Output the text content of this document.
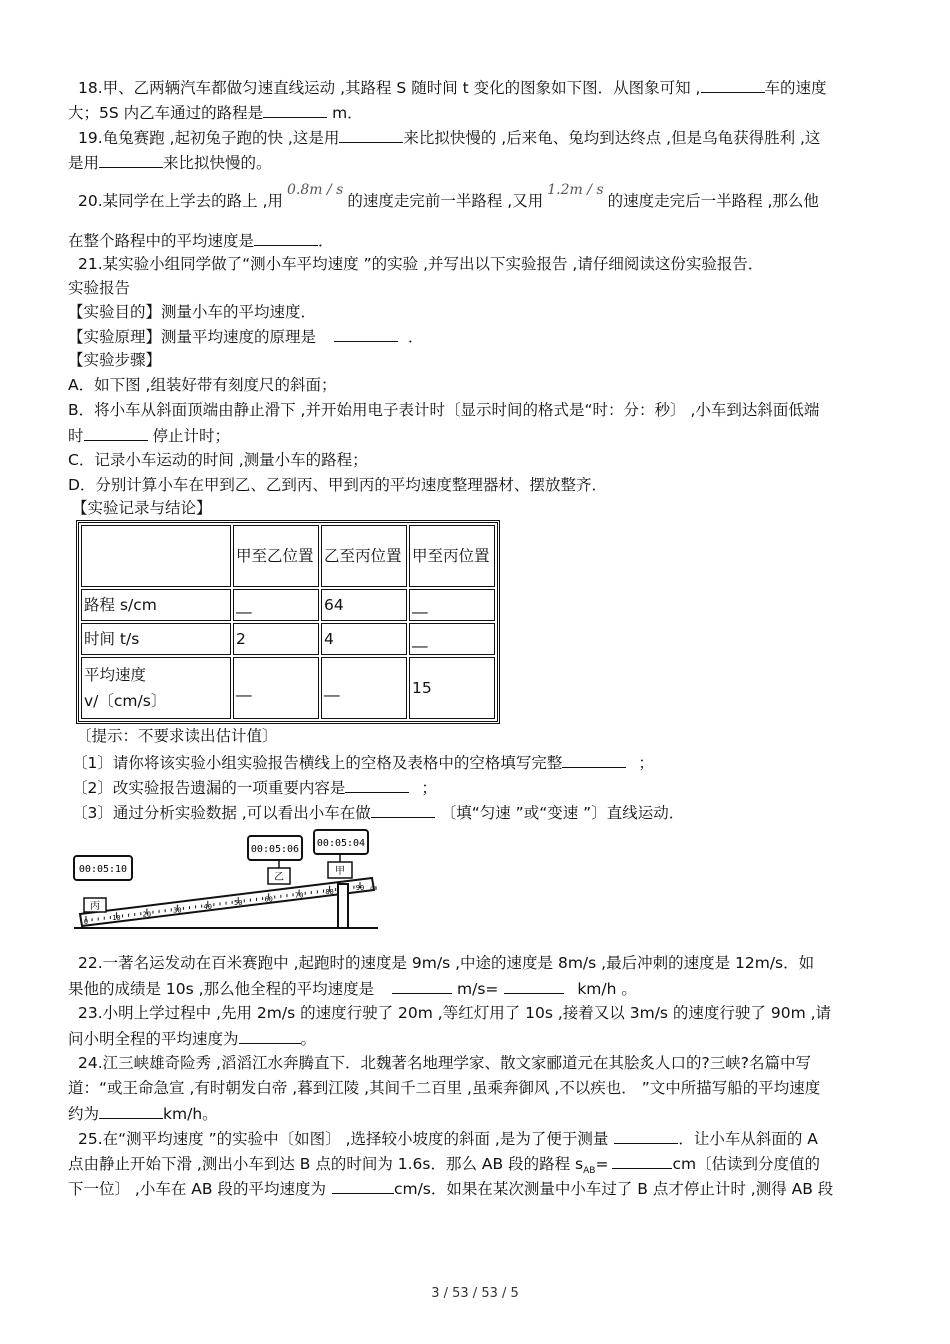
18.甲、乙两辆汽车都做匀速直线运动 ,其路程 S 随时间 t 变化的图象如下图．从图象可知 ,	车的速度
大；5S 内乙车通过的路程是	m．
19.龟兔赛跑 ,起初兔子跑的快 ,这是用	来比拟快慢的 ,后来龟、兔均到达终点 ,但是乌龟获得胜利 ,这
是用	来比拟快慢的。
20.某同学在上学去的路上 ,用0.8m / s的速度走完前一半路程 ,又用1.2m / s的速度走完后一半路程 ,那么他
在整个路程中的平均速度是	．
21.某实验小组同学做了“测小车平均速度 ”的实验 ,并写出以下实验报告 ,请仔细阅读这份实验报告．
实验报告
【实验目的】测量小车的平均速度．
【实验原理】测量平均速度的原理是	．
【实验步骤】
A．如下图 ,组装好带有刻度尺的斜面；
B．将小车从斜面顶端由静止滑下 ,并开始用电子表计时〔显示时间的格式是“时：分：秒〕 ,小车到达斜面低端
时	停止计时；
C．记录小车运动的时间 ,测量小车的路程；
D．分别计算小车在甲到乙、乙到丙、甲到丙的平均速度整理器材、摆放整齐．
【实验记录与结论】
	甲至乙位置	乙至丙位置	甲至丙位置
路程 s/cm	__	64	__
时间 t/s	2	4	__

平均速度
v/〔cm/s〕	__	__	15
〔提示：不要求读出估计值〕
〔1〕请你将该实验小组实验报告横线上的空格及表格中的空格填写完整	；
〔2〕改实验报告遗漏的一项重要内容是	；
〔3〕通过分析实验数据 ,可以看出小车在做	〔填“匀速 ”或“变速 ”〕直线运动．
0	10	20	30	40	50	60	70	80	90 cm
00:05:10
00:05:06
00:05:04
丙
乙
甲
22.一著名运发动在百米赛跑中 ,起跑时的速度是 9m/s ,中途的速度是 8m/s ,最后冲刺的速度是 12m/s．如
果他的成绩是 10s ,那么他全程的平均速度是	m/s=	km/h 。
23.小明上学过程中 ,先用 2m/s 的速度行驶了 20m ,等红灯用了 10s ,接着又以 3m/s 的速度行驶了 90m ,请
问小明全程的平均速度为	。
24.江三峡雄奇险秀 ,滔滔江水奔腾直下．北魏著名地理学家、散文家郦道元在其脍炙人口的?三峡?名篇中写
道：“或王命急宣 ,有时朝发白帝 ,暮到江陵 ,其间千二百里 ,虽乘奔御风 ,不以疾也． ”文中所描写船的平均速度
约为	km/h。
25.在“测平均速度 ”的实验中〔如图〕 ,选择较小坡度的斜面 ,是为了便于测量	．让小车从斜面的 A
点由静止开始下滑 ,测出小车到达 B 点的时间为 1.6s．那么 AB 段的路程 $s_{AB}=$	cm〔估读到分度值的
下一位〕 ,小车在 AB 段的平均速度为	cm/s．如果在某次测量中小车过了 B 点才停止计时 ,测得 AB 段
3 / 53 / 53 / 5
